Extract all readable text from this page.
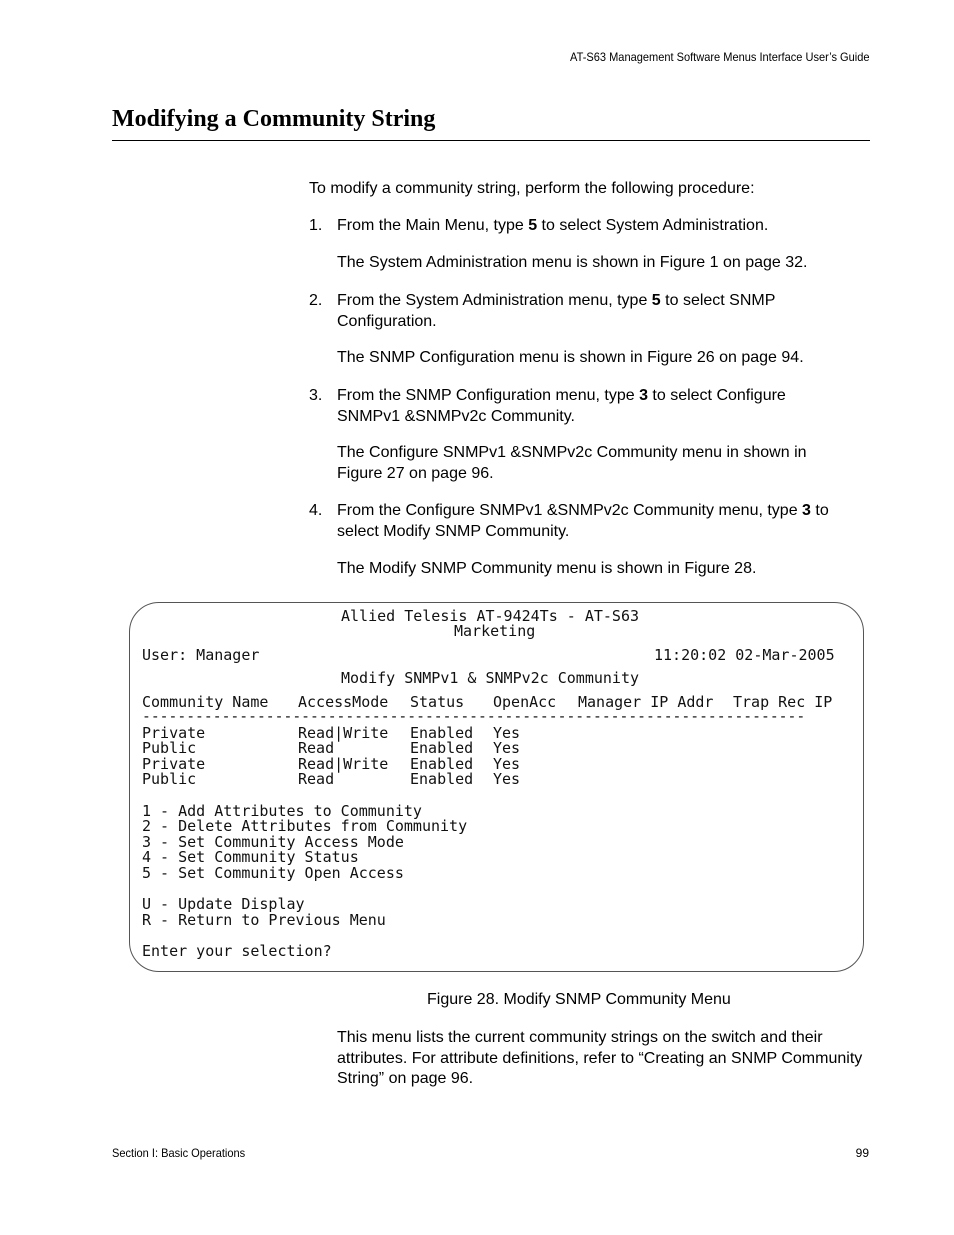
AT-S63 Management Software Menus Interface User’s Guide
Modifying a Community String

To modify a community string, perform the following procedure:

1. From the Main Menu, type 5 to select System Administration.

The System Administration menu is shown in Figure 1 on page 32.

2. From the System Administration menu, type 5 to select SNMP Configuration.

The SNMP Configuration menu is shown in Figure 26 on page 94.

3. From the SNMP Configuration menu, type 3 to select Configure SNMPv1 &SNMPv2c Community.

The Configure SNMPv1 &SNMPv2c Community menu in shown in Figure 27 on page 96.

4. From the Configure SNMPv1 &SNMPv2c Community menu, type 3 to select Modify SNMP Community.

The Modify SNMP Community menu is shown in Figure 28.

Allied Telesis AT-9424Ts - AT-S63
Marketing
User: Manager	11:20:02 02-Mar-2005
Modify SNMPv1 & SNMPv2c Community
Community Name AccessMode Status OpenAcc Manager IP Addr Trap Rec IP
---------------------------------------------------------------------------
Private	Read|Write Enabled Yes
Public	Read	Enabled Yes
Private	Read|Write Enabled Yes
Public	Read	Enabled Yes
1 - Add Attributes to Community
2 - Delete Attributes from Community
3 - Set Community Access Mode
4 - Set Community Status
5 - Set Community Open Access
U - Update Display
R - Return to Previous Menu
Enter your selection?
Figure 28. Modify SNMP Community Menu

This menu lists the current community strings on the switch and their attributes. For attribute definitions, refer to “Creating an SNMP Community String” on page 96.

Section I: Basic Operations	99
